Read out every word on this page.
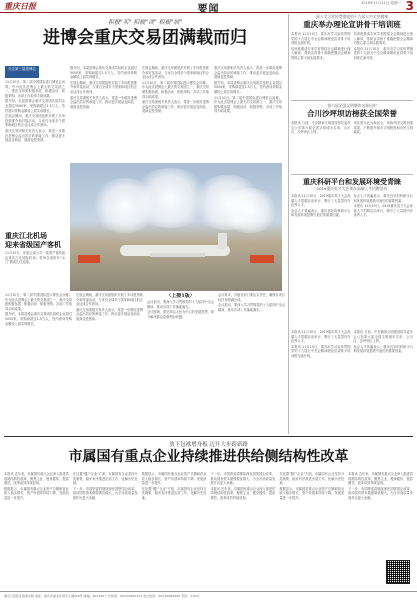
重庆日报	要闻
2019年11月11日 星期一 3
积极"买" 积极"谈" 积极"展"
进博会重庆交易团满载而归
关注第三届进博会

11月10日，第二届中国国际进口博览会闭幕。作为此次进博会上最大的交易团之一，重庆交易团积极参展、积极洽谈、积极采购，各项工作取得丰硕成果。

据介绍，本届进博会重庆交易团共组织企业超过5000家，采购商超过1.5万人，签约意向采购金额较上届实现增长。

在展会期间，重庆交易团组织开展了多场投资推介和对接活动，与来自全球多个国家和地区的企业达成合作意向。

重庆交易团相关负责人表示，将进一步做好进博会溢出效应的承接工作，推动更多展品变商品、展商变投资商。

据介绍，本届进博会重庆交易团共组织企业超过5000家，采购商超过1.5万人，签约意向采购金额较上届实现增长。

在展会期间，重庆交易团组织开展了多场投资推介和对接活动，与来自全球多个国家和地区的企业达成合作意向。

重庆交易团相关负责人表示，将进一步做好进博会溢出效应的承接工作，推动更多展品变商品、展商变投资商。

在展会期间，重庆交易团组织开展了多场投资推介和对接活动，与来自全球多个国家和地区的企业达成合作意向。

11月10日，第二届中国国际进口博览会闭幕。作为此次进博会上最大的交易团之一，重庆交易团积极参展、积极洽谈、积极采购，各项工作取得丰硕成果。

重庆交易团相关负责人表示，将进一步做好进博会溢出效应的承接工作，推动更多展品变商品、展商变投资商。

重庆交易团相关负责人表示，将进一步做好进博会溢出效应的承接工作，推动更多展品变商品、展商变投资商。

据介绍，本届进博会重庆交易团共组织企业超过5000家，采购商超过1.5万人，签约意向采购金额较上届实现增长。

11月10日，第二届中国国际进口博览会闭幕。作为此次进博会上最大的交易团之一，重庆交易团积极参展、积极洽谈、积极采购，各项工作取得丰硕成果。

重庆江北机场
迎来省级国产客机

11月10日，东航云南公司一架国产客机抵达重庆江北国际机场，机场以消防车"水门"最高礼仪迎接。

深入学习宣传贯彻党的十九届五中全会精神
重庆举办理论宣讲骨干培训班

本报讯 11月10日，重庆市学习宣传贯彻党的十九届五中全会精神理论宣讲骨干培训班在渝开班。

培训班邀请专家学者围绕全会精神进行深入解读，帮助宣讲骨干准确把握全会精神的核心要义和实践要求。

培训班邀请专家学者围绕全会精神进行深入解读，帮助宣讲骨干准确把握全会精神的核心要义和实践要求。

本报讯 11月10日，重庆市学习宣传贯彻党的十九届五中全会精神理论宣讲骨干培训班在渝开班。

第六届全国文明城市名单出炉
合川沙坪坝访榜获全国荣誉

本报讯 日前，中央精神文明建设指导委员会公布第六届全国文明城市名单，合川区、沙坪坝区上榜。

两区将以此为新起点，持续巩固文明创建成果，不断提升城市文明程度和市民文明素质。

重庆科研平台和发展环境受青睐
2019重庆英才大会举办高端人才招聘活动

本报讯 11月10日，2019重庆英才大会高端人才招聘活动举行，吸引了大量国内外优秀人才。

参会人才普遍表示，重庆良好的科研平台和发展环境是吸引他们的重要因素。

参会人才普遍表示，重庆良好的科研平台和发展环境是吸引他们的重要因素。

本报讯 11月10日，2019重庆英才大会高端人才招聘活动举行，吸引了大量国内外优秀人才。

11月10日，第二届中国国际进口博览会闭幕。作为此次进博会上最大的交易团之一，重庆交易团积极参展、积极洽谈、积极采购，各项工作取得丰硕成果。

据介绍，本届进博会重庆交易团共组织企业超过5000家，采购商超过1.5万人，签约意向采购金额较上届实现增长。

在展会期间，重庆交易团组织开展了多场投资推介和对接活动，与来自全球多个国家和地区的企业达成合作意向。

重庆交易团相关负责人表示，将进一步做好进博会溢出效应的承接工作，推动更多展品变商品、展商变投资商。

（上接1版）

会议指出，要深入学习贯彻党的十九届四中全会精神，推动各项工作落地落实。

会议强调，要坚持以人民为中心的发展思想，着力解决群众急难愁盼问题。

会议要求，各级各部门要压实责任，确保各项目标任务圆满完成。

会议指出，要深入学习贯彻党的十九届四中全会精神，推动各项工作落地落实。

本报讯 11月10日，2019重庆英才大会高端人才招聘活动举行，吸引了大量国内外优秀人才。

本报讯 11月10日，重庆市学习宣传贯彻党的十九届五中全会精神理论宣讲骨干培训班在渝开班。

本报讯 日前，中央精神文明建设指导委员会公布第六届全国文明城市名单，合川区、沙坪坝区上榜。

参会人才普遍表示，重庆良好的科研平台和发展环境是吸引他们的重要因素。

放下包袱增身板 迈开大步跨新路
市属国有重点企业持续推进供给侧结构性改革

本报讯 近年来，市属国有重点企业深入推进供给侧结构性改革，聚焦主业、瘦身健体、提质增效，改革成效持续显现。

数据显示，市属国有重点企业资产总额和营业收入稳步增长，资产负债率持续下降，发展质量进一步提升。

在处置"僵尸企业"方面，市属国有企业坚持分类施策，稳妥有序推进出清工作，化解历史包袱。

下一步，市国资委将继续深化国资国企改革，推动国有资本做强做优做大，为全市高质量发展作出更大贡献。

数据显示，市属国有重点企业资产总额和营业收入稳步增长，资产负债率持续下降，发展质量进一步提升。

在处置"僵尸企业"方面，市属国有企业坚持分类施策，稳妥有序推进出清工作，化解历史包袱。

下一步，市国资委将继续深化国资国企改革，推动国有资本做强做优做大，为全市高质量发展作出更大贡献。

本报讯 近年来，市属国有重点企业深入推进供给侧结构性改革，聚焦主业、瘦身健体、提质增效，改革成效持续显现。

在处置"僵尸企业"方面，市属国有企业坚持分类施策，稳妥有序推进出清工作，化解历史包袱。

数据显示，市属国有重点企业资产总额和营业收入稳步增长，资产负债率持续下降，发展质量进一步提升。

本报讯 近年来，市属国有重点企业深入推进供给侧结构性改革，聚焦主业、瘦身健体、提质增效，改革成效持续显现。

下一步，市国资委将继续深化国资国企改革，推动国有资本做强做优做大，为全市高质量发展作出更大贡献。

重庆日报报业集团出版 地址：重庆市渝北区同茂大道416号 邮编：401120 广告热线：023-63907123 发行热线：023-63907400 零售：1.00元
